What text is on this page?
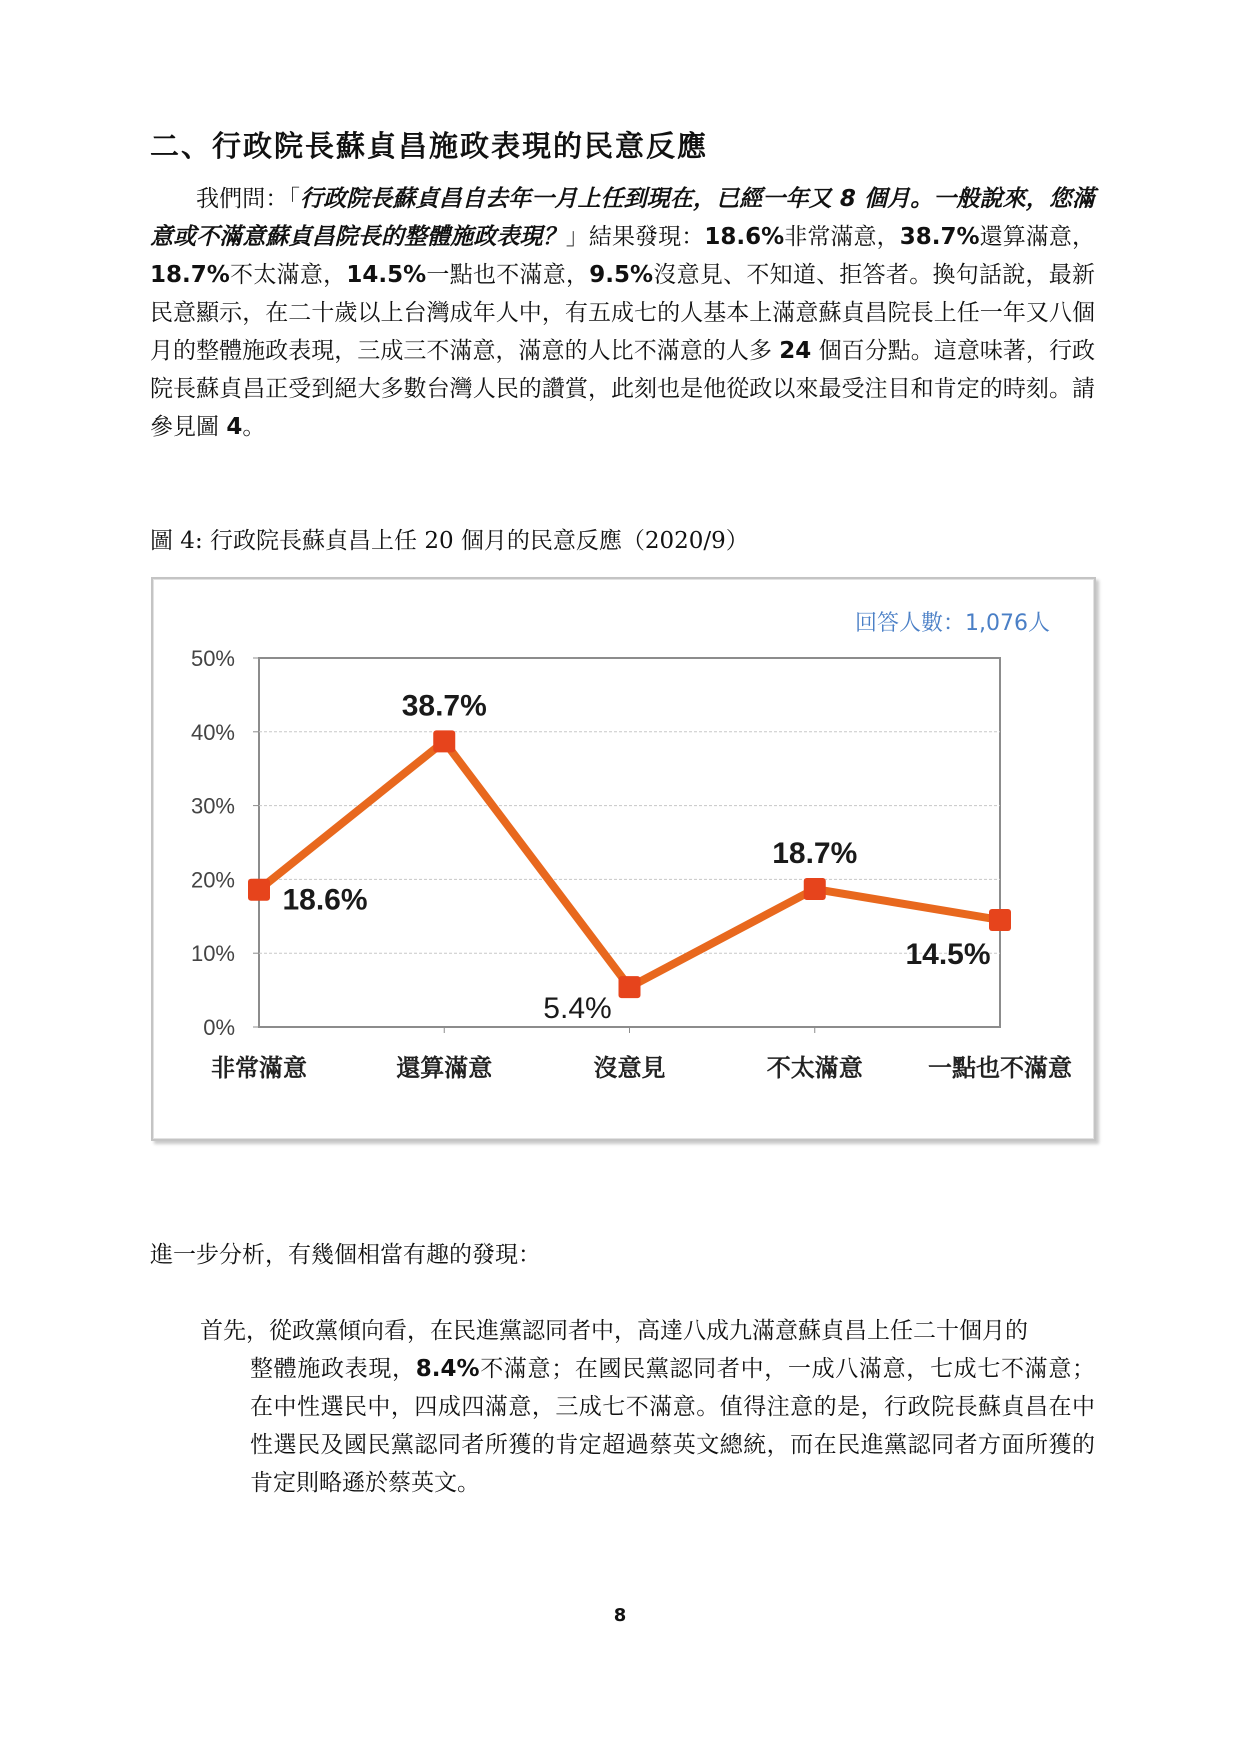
二、行政院長蘇貞昌施政表現的民意反應
我們問：「行政院長蘇貞昌自去年一月上任到現在，已經一年又 8 個月。一般說來，您滿意或不滿意蘇貞昌院長的整體施政表現？」結果發現：18.6%非常滿意，38.7%還算滿意，18.7%不太滿意，14.5%一點也不滿意，9.5%沒意見、不知道、拒答者。換句話說，最新民意顯示，在二十歲以上台灣成年人中，有五成七的人基本上滿意蘇貞昌院長上任一年又八個月的整體施政表現，三成三不滿意，滿意的人比不滿意的人多 24 個百分點。這意味著，行政院長蘇貞昌正受到絕大多數台灣人民的讚賞，此刻也是他從政以來最受注目和肯定的時刻。請參見圖 4。
圖 4: 行政院長蘇貞昌上任 20 個月的民意反應（2020/9）
0%
10%
20%
30%
40%
50%
非常滿意	還算滿意	沒意見	不太滿意	一點也不滿意
18.6%
38.7%
5.4%
18.7%
14.5%
回答人數：1,076人
進一步分析，有幾個相當有趣的發現：
首先，從政黨傾向看，在民進黨認同者中，高達八成九滿意蘇貞昌上任二十個月的
整體施政表現，8.4%不滿意；在國民黨認同者中，一成八滿意，七成七不滿意；在中性選民中，四成四滿意，三成七不滿意。值得注意的是，行政院長蘇貞昌在中性選民及國民黨認同者所獲的肯定超過蔡英文總統，而在民進黨認同者方面所獲的肯定則略遜於蔡英文。
8
